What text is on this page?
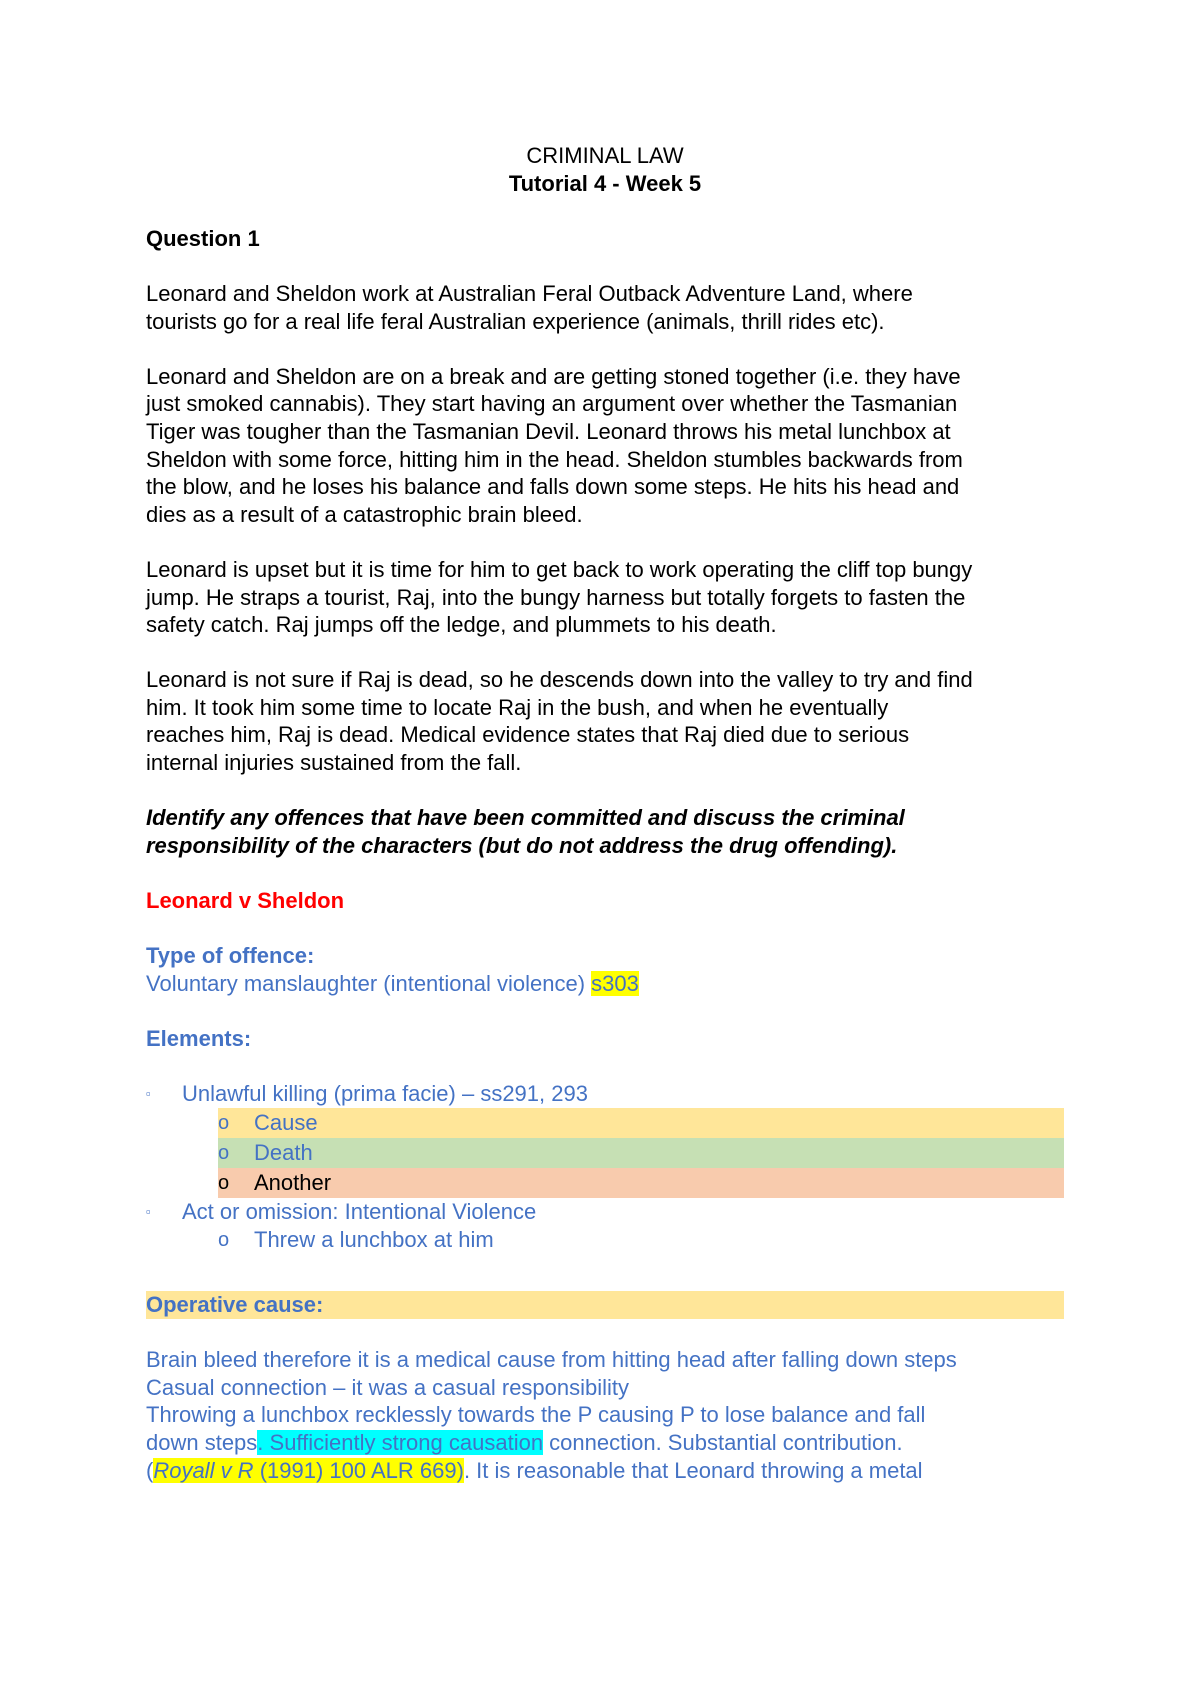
CRIMINAL LAW

Tutorial 4 - Week 5

Question 1

Leonard and Sheldon work at Australian Feral Outback Adventure Land, where

tourists go for a real life feral Australian experience (animals, thrill rides etc).

Leonard and Sheldon are on a break and are getting stoned together (i.e. they have

just smoked cannabis). They start having an argument over whether the Tasmanian

Tiger was tougher than the Tasmanian Devil. Leonard throws his metal lunchbox at

Sheldon with some force, hitting him in the head. Sheldon stumbles backwards from

the blow, and he loses his balance and falls down some steps. He hits his head and

dies as a result of a catastrophic brain bleed.

Leonard is upset but it is time for him to get back to work operating the cliff top bungy

jump. He straps a tourist, Raj, into the bungy harness but totally forgets to fasten the

safety catch. Raj jumps off the ledge, and plummets to his death.

Leonard is not sure if Raj is dead, so he descends down into the valley to try and find

him. It took him some time to locate Raj in the bush, and when he eventually

reaches him, Raj is dead. Medical evidence states that Raj died due to serious

internal injuries sustained from the fall.

Identify any offences that have been committed and discuss the criminal

responsibility of the characters (but do not address the drug offending).

Leonard v Sheldon

Type of offence:

Voluntary manslaughter (intentional violence) s303

Elements:

▫ Unlawful killing (prima facie) – ss291, 293
o Cause
o Death
o Another
▫ Act or omission: Intentional Violence
o Threw a lunchbox at him

Operative cause:

Brain bleed therefore it is a medical cause from hitting head after falling down steps

Casual connection – it was a casual responsibility

Throwing a lunchbox recklessly towards the P causing P to lose balance and fall

down steps. Sufficiently strong causation connection. Substantial contribution.

(Royall v R (1991) 100 ALR 669). It is reasonable that Leonard throwing a metal
